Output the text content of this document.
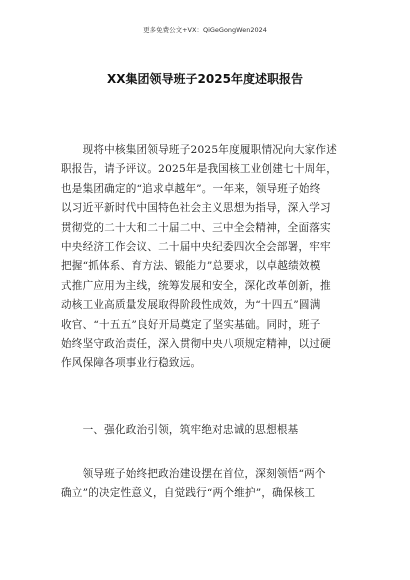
更多免费公文+VX：QiGeGongWen2024
XX集团领导班子2025年度述职报告
　　现将中核集团领导班子2025年度履职情况向大家作述
职报告，请予评议。2025年是我国核工业创建七十周年，
也是集团确定的“追求卓越年”。一年来，领导班子始终
以习近平新时代中国特色社会主义思想为指导，深入学习
贯彻党的二十大和二十届二中、三中全会精神，全面落实
中央经济工作会议、二十届中央纪委四次全会部署，牢牢
把握“抓体系、育方法、锻能力”总要求，以卓越绩效模
式推广应用为主线，统筹发展和安全，深化改革创新，推
动核工业高质量发展取得阶段性成效，为“十四五”圆满
收官、“十五五”良好开局奠定了坚实基础。同时，班子
始终坚守政治责任，深入贯彻中央八项规定精神，以过硬
作风保障各项事业行稳致远。
　　一、强化政治引领，筑牢绝对忠诚的思想根基
　　领导班子始终把政治建设摆在首位，深刻领悟“两个
确立”的决定性意义，自觉践行“两个维护”，确保核工
